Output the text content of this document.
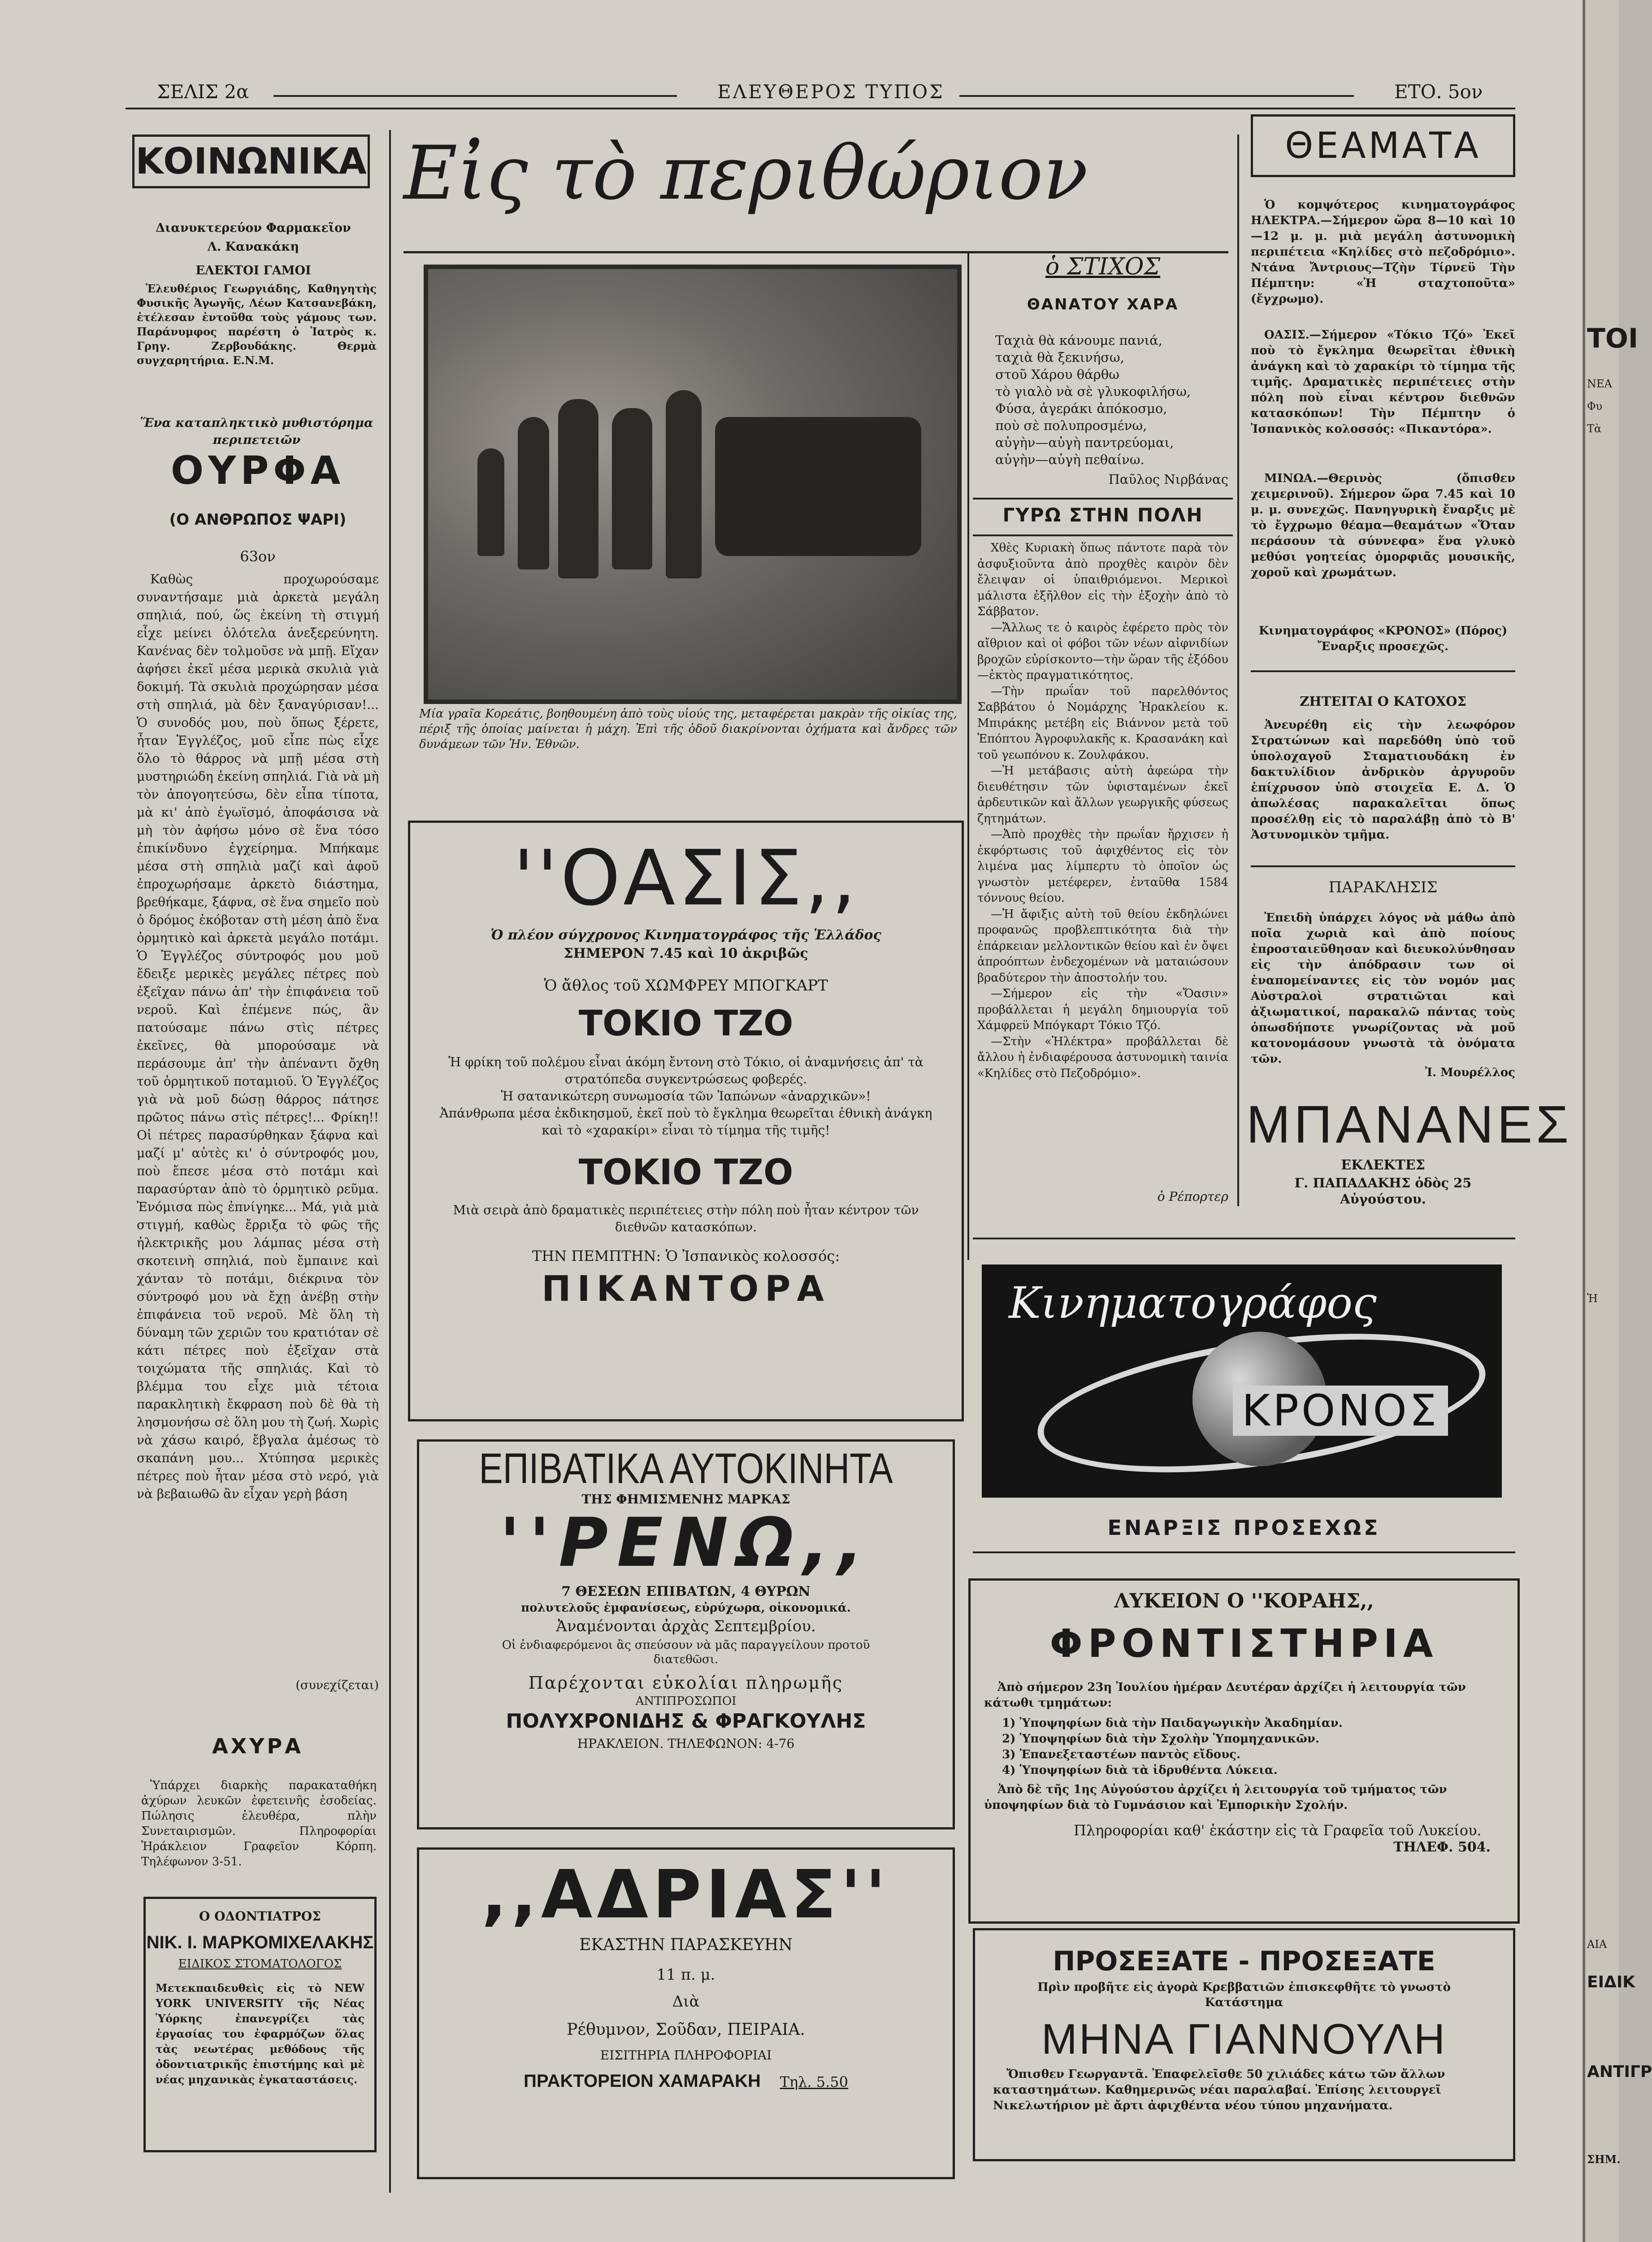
ΣΕΛΙΣ 2α	ΕΛΕΥΘΕΡΟΣ ΤΥΠΟΣ	ΕΤΟ. 5ον
ΚΟΙΝΩΝΙΚΑ
Διανυκτερεύον Φαρμακεῖον
Λ. Κανακάκη
ΕΛΕΚΤΟΙ ΓΑΜΟΙ
Ἐλευθέριος Γεωργιάδης, Καθηγητὴς Φυσικῆς Ἀγωγῆς, Λέων Κατσανεβάκη, ἐτέλεσαν ἐντοῦθα τοὺς γάμους των. Παράνυμφος παρέστη ὁ Ἰατρὸς κ. Γρηγ. Ζερβουδάκης. Θερμὰ συγχαρητήρια. Ε.Ν.Μ.
Ἕνα καταπληκτικὸ μυθιστόρημα περιπετειῶν
ΟΥΡΦΑ
(Ο ΑΝΘΡΩΠΟΣ ΨΑΡΙ)
63ον
Καθὼς προχωρούσαμε συναντήσαμε μιὰ ἀρκετὰ μεγάλη σπηλιά, πού, ὥς ἐκείνη τὴ στιγμή εἶχε μείνει ὁλότελα ἀνεξερεύνητη. Κανένας δὲν τολμοῦσε νὰ μπῇ. Εἴχαν ἀφήσει ἐκεῖ μέσα μερικὰ σκυλιὰ γιὰ δοκιμή. Τὰ σκυλιὰ προχώρησαν μέσα στὴ σπηλιά, μὰ δὲν ξαναγύρισαν!... Ὁ συνοδός μου, ποὺ ὅπως ξέρετε, ἦταν Ἐγγλέζος, μοῦ εἶπε πὼς εἶχε ὅλο τὸ θάρρος νὰ μπῇ μέσα στὴ μυστηριώδη ἐκείνη σπηλιά. Γιὰ νὰ μὴ τὸν ἀπογοητεύσω, δὲν εἶπα τίποτα, μὰ κι' ἀπὸ ἐγωϊσμό, ἀποφάσισα νὰ μὴ τὸν ἀφήσω μόνο σὲ ἕνα τόσο ἐπικίνδυνο ἐγχείρημα. Μπήκαμε μέσα στὴ σπηλιὰ μαζί καὶ ἀφοῦ ἐπροχωρήσαμε ἀρκετὸ διάστημα, βρεθήκαμε, ξάφνα, σὲ ἕνα σημεῖο ποὺ ὁ δρόμος ἐκόβοταν στὴ μέση ἀπὸ ἕνα ὁρμητικὸ καὶ ἀρκετὰ μεγάλο ποτάμι. Ὁ Ἐγγλέζος σύντροφός μου μοῦ ἔδειξε μερικὲς μεγάλες πέτρες ποὺ ἐξεῖχαν πάνω ἀπ' τὴν ἐπιφάνεια τοῦ νεροῦ. Καὶ ἐπέμενε πώς, ἂν πατούσαμε πάνω στὶς πέτρες ἐκεῖνες, θὰ μπορούσαμε νὰ περάσουμε ἀπ' τὴν ἀπέναντι ὄχθη τοῦ ὁρμητικοῦ ποταμιοῦ. Ὁ Ἐγγλέζος γιὰ νὰ μοῦ δώσῃ θάρρος πάτησε πρῶτος πάνω στὶς πέτρες!... Φρίκη!! Οἱ πέτρες παρασύρθηκαν ξάφνα καὶ μαζί μ' αὐτὲς κι' ὁ σύντροφός μου, ποὺ ἔπεσε μέσα στὸ ποτάμι καὶ παρασύρταν ἀπὸ τὸ ὁρμητικὸ ρεῦμα. Ἐνόμισα πὼς ἐπνίγηκε... Μά, γιὰ μιὰ στιγμή, καθὼς ἔρριξα τὸ φῶς τῆς ἠλεκτρικῆς μου λάμπας μέσα στὴ σκοτεινὴ σπηλιά, ποὺ ἔμπαινε καὶ χάνταν τὸ ποτάμι, διέκρινα τὸν σύντροφό μου νὰ ἔχῃ ἀνέβῃ στὴν ἐπιφάνεια τοῦ νεροῦ. Μὲ ὅλη τὴ δύναμη τῶν χεριῶν του κρατιόταν σὲ κάτι πέτρες ποὺ ἐξεῖχαν στὰ τοιχώματα τῆς σπηλιάς. Καὶ τὸ βλέμμα του εἶχε μιὰ τέτοια παρακλητικὴ ἔκφραση ποὺ δὲ θὰ τὴ λησμονήσω σὲ ὅλη μου τὴ ζωή. Χωρὶς νὰ χάσω καιρό, ἔβγαλα ἀμέσως τὸ σκαπάνη μου... Χτύπησα μερικὲς πέτρες ποὺ ἦταν μέσα στὸ νερό, γιὰ νὰ βεβαιωθῶ ἂν εἶχαν γερὴ βάση
(συνεχίζεται)
ΑΧΥΡΑ
Ὑπάρχει διαρκὴς παρακαταθήκη ἀχύρων λευκῶν ἐφετεινῆς ἐσοδείας. Πώλησις ἐλευθέρα, πλὴν Συνεταιρισμῶν. Πληροφορίαι Ἡράκλειον Γραφεῖον Κόρπη. Τηλέφωνον 3-51.
Ο ΟΔΟΝΤΙΑΤΡΟΣ
ΝΙΚ. Ι. ΜΑΡΚΟΜΙΧΕΛΑΚΗΣ
ΕΙΔΙΚΟΣ ΣΤΟΜΑΤΟΛΟΓΟΣ
Μετεκπαιδευθεὶς εἰς τὸ NEW YORK UNIVERSITY τῆς Νέας Ὑόρκης ἐπανεγρίζει τὰς ἐργασίας του ἐφαρμόζων ὅλας τὰς νεωτέρας μεθόδους τῆς ὀδοντιατρικῆς ἐπιστήμης καὶ μὲ νέας μηχανικὰς ἐγκαταστάσεις.
Εἰς τὸ περιθώριον
Μία γραῖα Κορεάτις, βοηθουμένη ἀπὸ τοὺς υἱούς της, μεταφέρεται μακρὰν τῆς οἰκίας της, πέριξ τῆς ὁποίας μαίνεται ἡ μάχη. Ἐπὶ τῆς ὁδοῦ διακρίνονται ὀχήματα καὶ ἄνδρες τῶν δυνάμεων τῶν Ἡν. Ἐθνῶν.
''ΟΑΣΙΣ,,
Ὁ πλέον σύγχρονος Κινηματογράφος τῆς Ἑλλάδος
ΣΗΜΕΡΟΝ 7.45 καὶ 10 ἀκριβῶς
Ὁ ἄθλος τοῦ ΧΩΜΦΡΕΥ ΜΠΟΓΚΑΡΤ
ΤΟΚΙΟ ΤΖΟ
Ἡ φρίκη τοῦ πολέμου εἶναι ἀκόμη ἔντονη στὸ Τόκιο, οἱ ἀναμνήσεις ἀπ' τὰ στρατόπεδα συγκεντρώσεως φοβερές.
Ἡ σατανικώτερη συνωμοσία τῶν Ἰαπώνων «ἀναρχικῶν»!
Ἀπάνθρωπα μέσα ἐκδικησμοῦ, ἐκεῖ ποὺ τὸ ἔγκλημα θεωρεῖται ἐθνικὴ ἀνάγκη καὶ τὸ «χαρακίρι» εἶναι τὸ τίμημα τῆς τιμῆς!
ΤΟΚΙΟ ΤΖΟ
Μιὰ σειρὰ ἀπὸ δραματικὲς περιπέτειες στὴν πόλη ποὺ ἦταν κέντρον τῶν διεθνῶν κατασκόπων.
ΤΗΝ ΠΕΜΠΤΗΝ: Ὁ Ἰσπανικὸς κολοσσός:
ΠΙΚΑΝΤΟΡΑ
ΕΠΙΒΑΤΙΚΑ ΑΥΤΟΚΙΝΗΤΑ
ΤΗΣ ΦΗΜΙΣΜΕΝΗΣ ΜΑΡΚΑΣ
''ΡΕΝΩ,,
7 ΘΕΣΕΩΝ ΕΠΙΒΑΤΩΝ, 4 ΘΥΡΩΝ
πολυτελοῦς ἐμφανίσεως, εὐρύχωρα, οἰκονομικά.
Ἀναμένονται ἀρχὰς Σεπτεμβρίου.
Οἱ ἐνδιαφερόμενοι ἂς σπεύσουν νὰ μᾶς παραγγείλουν προτοῦ διατεθῶσι.
Παρέχονται εὐκολίαι πληρωμῆς
ΑΝΤΙΠΡΟΣΩΠΟΙ
ΠΟΛΥΧΡΟΝΙΔΗΣ & ΦΡΑΓΚΟΥΛΗΣ
ΗΡΑΚΛΕΙΟΝ. ΤΗΛΕΦΩΝΟΝ: 4-76
,,ΑΔΡΙΑΣ''
ΕΚΑΣΤΗΝ ΠΑΡΑΣΚΕΥΗΝ
11 π. μ.
Διὰ
Ρέθυμνον, Σοῦδαν, ΠΕΙΡΑΙΑ.
ΕΙΣΙΤΗΡΙΑ ΠΛΗΡΟΦΟΡΙΑΙ
ΠΡΑΚΤΟΡΕΙΟΝ ΧΑΜΑΡΑΚΗ Τηλ. 5.50
ὁ ΣΤΙΧΟΣ
ΘΑΝΑΤΟΥ ΧΑΡΑ
Ταχιὰ θὰ κάνουμε πανιά,
ταχιὰ θὰ ξεκινήσω,
στοῦ Χάρου θάρθω
τὸ γιαλὸ νὰ σὲ γλυκοφιλήσω,
Φύσα, ἀγεράκι ἀπόκοσμο,
ποὺ σὲ πολυπροσμένω,
αὐγὴν—αὐγὴ παντρεύομαι,
αὐγὴν—αὐγὴ πεθαίνω.
Παῦλος Νιρβάνας
ΓΥΡΩ ΣΤΗΝ ΠΟΛΗ
Χθὲς Κυριακὴ ὅπως πάντοτε παρὰ τὸν ἀσφυξιοῦντα ἀπὸ προχθὲς καιρὸν δὲν ἔλειψαν οἱ ὑπαιθριόμενοι. Μερικοὶ μάλιστα ἐξῆλθον εἰς τὴν ἐξοχὴν ἀπὸ τὸ Σάββατον.
—Ἄλλως τε ὁ καιρὸς ἐφέρετο πρὸς τὸν αἴθριον καὶ οἱ φόβοι τῶν νέων αἰφνιδίων βροχῶν εὐρίσκοντο—τὴν ὥραν τῆς ἐξόδου—ἐκτὸς πραγματικότητος.
—Τὴν πρωΐαν τοῦ παρελθόντος Σαββάτου ὁ Νομάρχης Ἡρακλείου κ. Μπιράκης μετέβη εἰς Βιάννον μετὰ τοῦ Ἐπόπτου Ἀγροφυλακῆς κ. Κρασανάκη καὶ τοῦ γεωπόνου κ. Ζουλφάκου.
—Ἡ μετάβασις αὐτὴ ἀφεώρα τὴν διευθέτησιν τῶν ὑφισταμένων ἐκεῖ ἀρδευτικῶν καὶ ἄλλων γεωργικῆς φύσεως ζητημάτων.
—Ἀπὸ προχθὲς τὴν πρωΐαν ἤρχισεν ἡ ἐκφόρτωσις τοῦ ἀφιχθέντος εἰς τὸν λιμένα μας λίμπερτυ τὸ ὁποῖον ὡς γνωστὸν μετέφερεν, ἐνταῦθα 1584 τόννους θείου.
—Ἡ ἄφιξις αὐτὴ τοῦ θείου ἐκδηλώνει προφανῶς προβλεπτικότητα διὰ τὴν ἐπάρκειαν μελλοντικῶν θείου καὶ ἐν ὄψει ἀπροόπτων ἐνδεχομένων νὰ ματαιώσουν βραδύτερον τὴν ἀποστολήν του.
—Σήμερον εἰς τὴν «Ὄασιν» προβάλλεται ἡ μεγάλη δημιουργία τοῦ Χάμφρεϋ Μπόγκαρτ Τόκιο Τζό.
—Στὴν «Ἠλέκτρα» προβάλλεται δὲ ἄλλου ἡ ἐνδιαφέρουσα ἀστυνομικὴ ταινία «Κηλίδες στὸ Πεζοδρόμιο».
ὁ Ρέπορτερ
ΘΕΑΜΑΤΑ
Ὁ κομψότερος κινηματογράφος ΗΛΕΚΤΡΑ.—Σήμερον ὥρα 8—10 καὶ 10—12 μ. μ. μιὰ μεγάλη ἀστυνομικὴ περιπέτεια «Κηλίδες στὸ πεζοδρόμιο». Ντάνα Ἄντριους—Τζὴν Τίρνεϋ Τὴν Πέμπτην: «Ἡ σταχτοποῦτα» (ἔγχρωμο).
ΟΑΣΙΣ.—Σήμερον «Τόκιο Τζό» Ἐκεῖ ποὺ τὸ ἔγκλημα θεωρεῖται ἐθνικὴ ἀνάγκη καὶ τὸ χαρακίρι τὸ τίμημα τῆς τιμῆς. Δραματικὲς περιπέτειες στὴν πόλη ποὺ εἶναι κέντρον διεθνῶν κατασκόπων! Τὴν Πέμπτην ὁ Ἰσπανικὸς κολοσσός: «Πικαντόρα».
ΜΙΝΩΑ.—Θερινὸς (ὄπισθεν χειμερινοῦ). Σήμερον ὥρα 7.45 καὶ 10 μ. μ. συνεχῶς. Πανηγυρικὴ ἔναρξις μὲ τὸ ἔγχρωμο θέαμα—θεαμάτων «Ὅταν περάσουν τὰ σύννεφα» ἕνα γλυκὸ μεθύσι γοητείας ὀμορφιᾶς μουσικῆς, χοροῦ καὶ χρωμάτων.
Κινηματογράφος «ΚΡΟΝΟΣ» (Πόρος) Ἔναρξις προσεχῶς.
ΖΗΤΕΙΤΑΙ Ο ΚΑΤΟΧΟΣ
Ἀνευρέθη εἰς τὴν λεωφόρον Στρατώνων καὶ παρεδόθη ὑπὸ τοῦ ὑπολοχαγοῦ Σταματιουδάκη ἐν δακτυλίδιον ἀνδρικὸν ἀργυροῦν ἐπίχρυσον ὑπὸ στοιχεῖα Ε. Δ. Ὁ ἀπωλέσας παρακαλεῖται ὅπως προσέλθῃ εἰς τὸ παραλάβῃ ἀπὸ τὸ Β' Ἀστυνομικὸν τμῆμα.
ΠΑΡΑΚΛΗΣΙΣ
Ἐπειδὴ ὑπάρχει λόγος νὰ μάθω ἀπὸ ποῖα χωριὰ καὶ ἀπὸ ποίους ἐπροσταιεῦθησαν καὶ διευκολύνθησαν εἰς τὴν ἀπόδρασιν των οἱ ἐναπομείναντες εἰς τὸν νομόν μας Αὐστραλοὶ στρατιῶται καὶ ἀξιωματικοί, παρακαλῶ πάντας τοὺς ὁπωσδήποτε γνωρίζοντας νὰ μοῦ κατονομάσουν γνωστὰ τὰ ὀνόματα τῶν.
Ἰ. Μουρέλλος
ΜΠΑΝΑΝΕΣ
ΕΚΛΕΚΤΕΣ
Γ. ΠΑΠΑΔΑΚΗΣ ὁδὸς 25 Αὐγούστου.
Κινηματογράφος
ΚΡΟΝΟΣ
ΕΝΑΡΞΙΣ ΠΡΟΣΕΧΩΣ
ΛΥΚΕΙΟΝ Ο ''ΚΟΡΑΗΣ,,
ΦΡΟΝΤΙΣΤΗΡΙΑ
Ἀπὸ σήμερον 23η Ἰουλίου ἡμέραν Δευτέραν ἀρχίζει ἡ λειτουργία τῶν κάτωθι τμημάτων:
1) Ὑποψηφίων διὰ τὴν Παιδαγωγικὴν Ἀκαδημίαν.
2) Ὑποψηφίων διὰ τὴν Σχολὴν Ὑπομηχανικῶν.
3) Ἐπανεξεταστέων παντὸς εἴδους.
4) Ὑποψηφίων διὰ τὰ ἱδρυθέντα Λύκεια.
Ἀπὸ δὲ τῆς 1ης Αὐγούστου ἀρχίζει ἡ λειτουργία τοῦ τμήματος τῶν ὑποψηφίων διὰ τὸ Γυμνάσιον καὶ Ἐμπορικὴν Σχολήν.
Πληροφορίαι καθ' ἑκάστην εἰς τὰ Γραφεῖα τοῦ Λυκείου.
ΤΗΛΕΦ. 504.
ΠΡΟΣΕΞΑΤΕ - ΠΡΟΣΕΞΑΤΕ
Πρὶν προβῆτε εἰς ἀγορὰ Κρεββατιῶν ἐπισκεφθῆτε τὸ γνωστὸ Κατάστημα
ΜΗΝΑ ΓΙΑΝΝΟΥΛΗ
Ὄπισθεν Γεωργαντᾶ. Ἐπαφελεῖσθε 50 χιλιάδες κάτω τῶν ἄλλων καταστημάτων. Καθημερινῶς νέαι παραλαβαί. Ἐπίσης λειτουργεῖ Νικελωτήριον μὲ ἄρτι ἀφιχθέντα νέου τύπου μηχανήματα.
ΤΟΙ
ΝΕΑ
Φυ
Τὰ
Ἡ
ΑΙΑ
ΣΗΜ.
ΕΙΔΙΚ
ΑΝΤΙΓΡ
